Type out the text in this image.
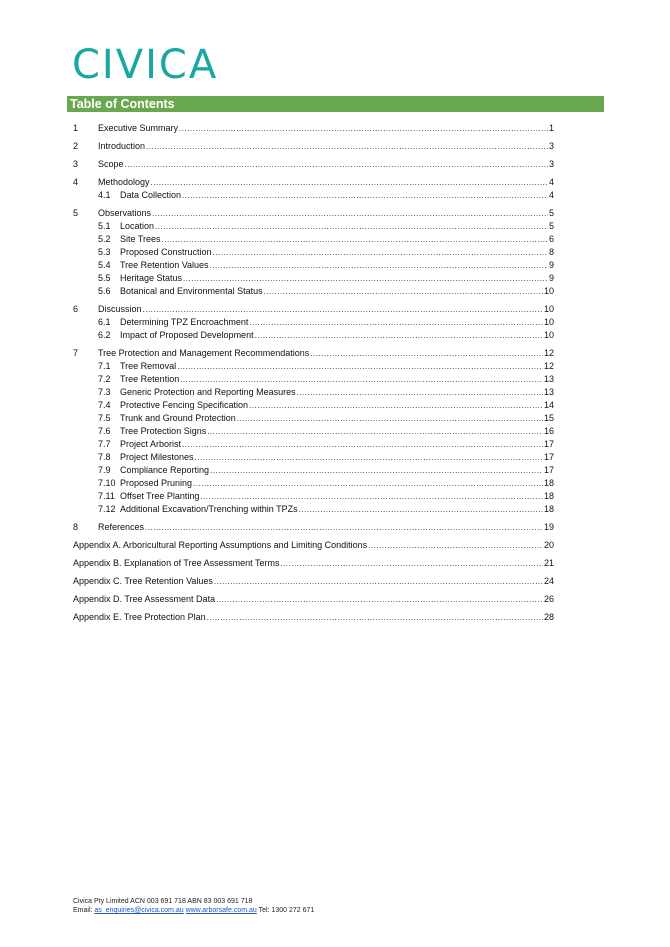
CIVICA
Table of Contents
1	Executive Summary .....	1
2	Introduction .....	3
3	Scope .....	3
4	Methodology .....	4
4.1	Data Collection .....	4
5	Observations .....	5
5.1	Location .....	5
5.2	Site Trees .....	6
5.3	Proposed Construction .....	8
5.4	Tree Retention Values .....	9
5.5	Heritage Status .....	9
5.6	Botanical and Environmental Status .....	10
6	Discussion .....	10
6.1	Determining TPZ Encroachment .....	10
6.2	Impact of Proposed Development .....	10
7	Tree Protection and Management Recommendations .....	12
7.1	Tree Removal .....	12
7.2	Tree Retention .....	13
7.3	Generic Protection and Reporting Measures .....	13
7.4	Protective Fencing Specification .....	14
7.5	Trunk and Ground Protection .....	15
7.6	Tree Protection Signs .....	16
7.7	Project Arborist .....	17
7.8	Project Milestones .....	17
7.9	Compliance Reporting .....	17
7.10 Proposed Pruning .....	18
7.11 Offset Tree Planting .....	18
7.12 Additional Excavation/Trenching within TPZs .....	18
8	References .....	19
Appendix A. Arboricultural Reporting Assumptions and Limiting Conditions .....	20
Appendix B. Explanation of Tree Assessment Terms .....	21
Appendix C. Tree Retention Values .....	24
Appendix D. Tree Assessment Data .....	26
Appendix E. Tree Protection Plan .....	28
Civica Pty Limited ACN 003 691 718 ABN 83 003 691 718
Email: as_enquiries@civica.com.au www.arborsafe.com.au Tel: 1300 272 671
